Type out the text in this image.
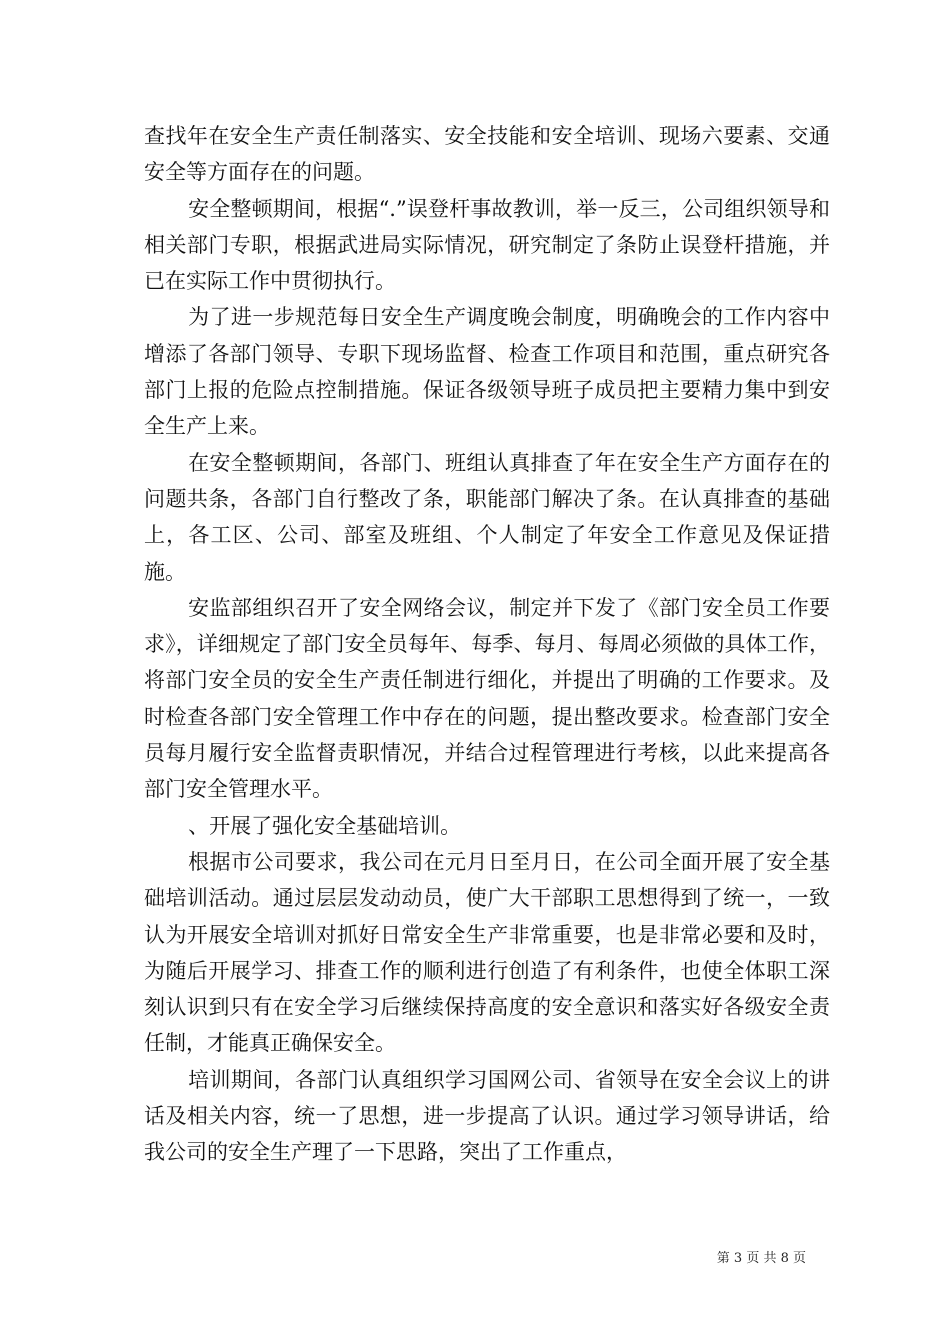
查找年在安全生产责任制落实、安全技能和安全培训、现场六要素、交通安全等方面存在的问题。

安全整顿期间，根据“.”误登杆事故教训，举一反三，公司组织领导和相关部门专职，根据武进局实际情况，研究制定了条防止误登杆措施，并已在实际工作中贯彻执行。

为了进一步规范每日安全生产调度晚会制度，明确晚会的工作内容中增添了各部门领导、专职下现场监督、检查工作项目和范围，重点研究各部门上报的危险点控制措施。保证各级领导班子成员把主要精力集中到安全生产上来。

在安全整顿期间，各部门、班组认真排查了年在安全生产方面存在的问题共条，各部门自行整改了条，职能部门解决了条。在认真排查的基础上，各工区、公司、部室及班组、个人制定了年安全工作意见及保证措施。

安监部组织召开了安全网络会议，制定并下发了《部门安全员工作要求》，详细规定了部门安全员每年、每季、每月、每周必须做的具体工作，将部门安全员的安全生产责任制进行细化，并提出了明确的工作要求。及时检查各部门安全管理工作中存在的问题，提出整改要求。检查部门安全员每月履行安全监督责职情况，并结合过程管理进行考核，以此来提高各部门安全管理水平。

、开展了强化安全基础培训。

根据市公司要求，我公司在元月日至月日，在公司全面开展了安全基础培训活动。通过层层发动动员，使广大干部职工思想得到了统一，一致认为开展安全培训对抓好日常安全生产非常重要，也是非常必要和及时，为随后开展学习、排查工作的顺利进行创造了有利条件，也使全体职工深刻认识到只有在安全学习后继续保持高度的安全意识和落实好各级安全责任制，才能真正确保安全。

培训期间，各部门认真组织学习国网公司、省领导在安全会议上的讲话及相关内容，统一了思想，进一步提高了认识。通过学习领导讲话，给我公司的安全生产理了一下思路，突出了工作重点，

第 3 页 共 8 页
